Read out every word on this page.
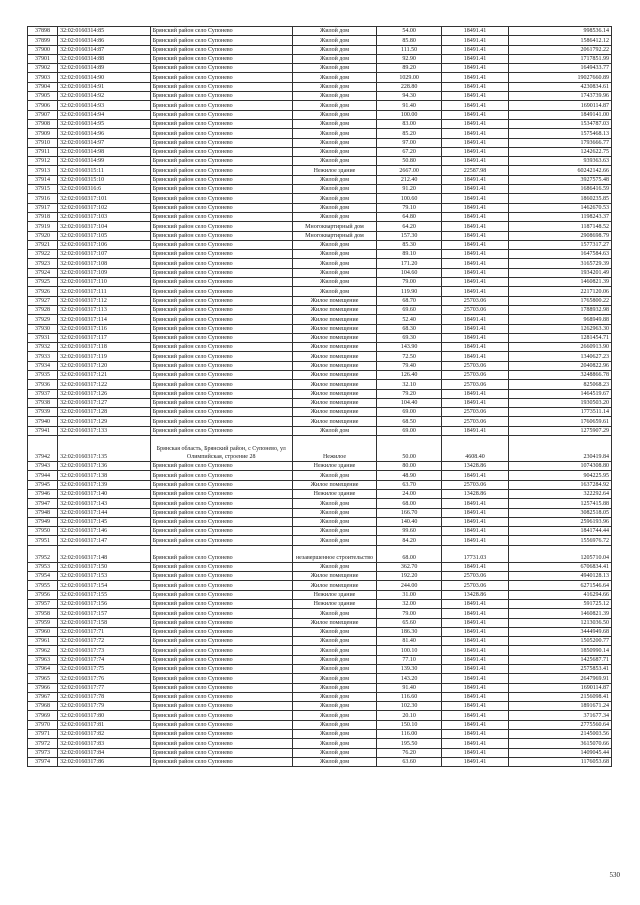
37898	32:02:0160314:85	Брянский район село Супонево	Жилой дом	54.00	18491.41	998536.14
37899	32:02:0160314:86	Брянский район село Супонево	Жилой дом	85.80	18491.41	1586412.12
37900	32:02:0160314:87	Брянский район село Супонево	Жилой дом	111.50	18491.41	2061792.22
37901	32:02:0160314:88	Брянский район село Супонево	Жилой дом	92.90	18491.41	1717851.99
37902	32:02:0160314:89	Брянский район село Супонево	Жилой дом	89.20	18491.41	1649433.77
37903	32:02:0160314:90	Брянский район село Супонево	Жилой дом	1029.00	18491.41	19027660.89
37904	32:02:0160314:91	Брянский район село Супонево	Жилой дом	228.80	18491.41	4230834.61
37905	32:02:0160314:92	Брянский район село Супонево	Жилой дом	94.30	18491.41	1743739.96
37906	32:02:0160314:93	Брянский район село Супонево	Жилой дом	91.40	18491.41	1690114.87
37907	32:02:0160314:94	Брянский район село Супонево	Жилой дом	100.00	18491.41	1849141.00
37908	32:02:0160314:95	Брянский район село Супонево	Жилой дом	83.00	18491.41	1534787.03
37909	32:02:0160314:96	Брянский район село Супонево	Жилой дом	85.20	18491.41	1575468.13
37910	32:02:0160314:97	Брянский район село Супонево	Жилой дом	97.00	18491.41	1793666.77
37911	32:02:0160314:98	Брянский район село Супонево	Жилой дом	67.20	18491.41	1242622.75
37912	32:02:0160314:99	Брянский район село Супонево	Жилой дом	50.80	18491.41	939363.63
37913	32:02:0160315:11	Брянский район село Супонево	Нежилое здание	2667.00	22587.98	60242142.66
37914	32:02:0160315:10	Брянский район село Супонево	Жилой дом	212.40	18491.41	3927575.48
37915	32:02:0160316:6	Брянский район село Супонево	Жилой дом	91.20	18491.41	1686416.59
37916	32:02:0160317:101	Брянский район село Супонево	Жилой дом	100.60	18491.41	1860235.85
37917	32:02:0160317:102	Брянский район село Супонево	Жилой дом	79.10	18491.41	1462670.53
37918	32:02:0160317:103	Брянский район село Супонево	Жилой дом	64.80	18491.41	1198243.37
37919	32:02:0160317:104	Брянский район село Супонево	Многоквартирный дом	64.20	18491.41	1187148.52
37920	32:02:0160317:105	Брянский район село Супонево	Многоквартирный дом	157.30	18491.41	2908698.79
37921	32:02:0160317:106	Брянский район село Супонево	Жилой дом	85.30	18491.41	1577317.27
37922	32:02:0160317:107	Брянский район село Супонево	Жилой дом	89.10	18491.41	1647584.63
37923	32:02:0160317:108	Брянский район село Супонево	Жилой дом	171.20	18491.41	3165729.39
37924	32:02:0160317:109	Брянский район село Супонево	Жилой дом	104.60	18491.41	1934201.49
37925	32:02:0160317:110	Брянский район село Супонево	Жилой дом	79.00	18491.41	1460821.39
37926	32:02:0160317:111	Брянский район село Супонево	Жилой дом	119.90	18491.41	2217120.06
37927	32:02:0160317:112	Брянский район село Супонево	Жилое помещение	68.70	25703.06	1765800.22
37928	32:02:0160317:113	Брянский район село Супонево	Жилое помещение	69.60	25703.06	1788932.98
37929	32:02:0160317:114	Брянский район село Супонево	Жилое помещение	52.40	18491.41	968949.88
37930	32:02:0160317:116	Брянский район село Супонево	Жилое помещение	68.30	18491.41	1262963.30
37931	32:02:0160317:117	Брянский район село Супонево	Жилое помещение	69.30	18491.41	1281454.71
37932	32:02:0160317:118	Брянский район село Супонево	Жилое помещение	143.90	18491.41	2660913.90
37933	32:02:0160317:119	Брянский район село Супонево	Жилое помещение	72.50	18491.41	1340627.23
37934	32:02:0160317:120	Брянский район село Супонево	Жилое помещение	79.40	25703.06	2040822.96
37935	32:02:0160317:121	Брянский район село Супонево	Жилое помещение	126.40	25703.06	3248866.78
37936	32:02:0160317:122	Брянский район село Супонево	Жилое помещение	32.10	25703.06	825068.23
37937	32:02:0160317:126	Брянский район село Супонево	Жилое помещение	79.20	18491.41	1464519.67
37938	32:02:0160317:127	Брянский район село Супонево	Жилое помещение	104.40	18491.41	1930503.20
37939	32:02:0160317:128	Брянский район село Супонево	Жилое помещение	69.00	25703.06	1773511.14
37940	32:02:0160317:129	Брянский район село Супонево	Жилое помещение	68.50	25703.06	1760659.61
37941	32:02:0160317:133	Брянский район село Супонево	Жилой дом	69.00	18491.41	1275907.29
37942	32:02:0160317:135	Брянская область, Брянский район, с Супонево, ул Олимпийская, строение 28	Нежилое	50.00	4608.40	230419.84
37943	32:02:0160317:136	Брянский район село Супонево	Нежилое здание	80.00	13428.86	1074308.80
37944	32:02:0160317:138	Брянский район село Супонево	Жилой дом	48.90	18491.41	904225.95
37945	32:02:0160317:139	Брянский район село Супонево	Жилое помещение	63.70	25703.06	1637284.92
37946	32:02:0160317:140	Брянский район село Супонево	Нежилое здание	24.00	13428.86	322292.64
37947	32:02:0160317:143	Брянский район село Супонево	Жилой дом	68.00	18491.41	1257415.88
37948	32:02:0160317:144	Брянский район село Супонево	Жилой дом	166.70	18491.41	3082518.05
37949	32:02:0160317:145	Брянский район село Супонево	Жилой дом	140.40	18491.41	2596193.96
37950	32:02:0160317:146	Брянский район село Супонево	Жилой дом	99.60	18491.41	1841744.44
37951	32:02:0160317:147	Брянский район село Супонево	Жилой дом	84.20	18491.41	1556976.72
37952	32:02:0160317:148	Брянский район село Супонево	незавершенное строительство	68.00	17731.03	1205710.04
37953	32:02:0160317:150	Брянский район село Супонево	Жилой дом	362.70	18491.41	6706834.41
37954	32:02:0160317:153	Брянский район село Супонево	Жилое помещение	192.20	25703.06	4940128.13
37955	32:02:0160317:154	Брянский район село Супонево	Жилое помещение	244.00	25703.06	6271546.64
37956	32:02:0160317:155	Брянский район село Супонево	Нежилое здание	31.00	13428.86	416294.66
37957	32:02:0160317:156	Брянский район село Супонево	Нежилое здание	32.00	18491.41	591725.12
37958	32:02:0160317:157	Брянский район село Супонево	Жилой дом	79.00	18491.41	1460821.39
37959	32:02:0160317:158	Брянский район село Супонево	Жилое помещение	65.60	18491.41	1213036.50
37960	32:02:0160317:71	Брянский район село Супонево	Жилой дом	186.30	18491.41	3444949.68
37961	32:02:0160317:72	Брянский район село Супонево	Жилой дом	81.40	18491.41	1505200.77
37962	32:02:0160317:73	Брянский район село Супонево	Жилой дом	100.10	18491.41	1850990.14
37963	32:02:0160317:74	Брянский район село Супонево	Жилой дом	77.10	18491.41	1425687.71
37964	32:02:0160317:75	Брянский район село Супонево	Жилой дом	139.30	18491.41	2575853.41
37965	32:02:0160317:76	Брянский район село Супонево	Жилой дом	143.20	18491.41	2647969.91
37966	32:02:0160317:77	Брянский район село Супонево	Жилой дом	91.40	18491.41	1690114.87
37967	32:02:0160317:78	Брянский район село Супонево	Жилой дом	116.60	18491.41	2156098.41
37968	32:02:0160317:79	Брянский район село Супонево	Жилой дом	102.30	18491.41	1891671.24
37969	32:02:0160317:80	Брянский район село Супонево	Жилой дом	20.10	18491.41	371677.34
37970	32:02:0160317:81	Брянский район село Супонево	Жилой дом	150.10	18491.41	2775560.64
37971	32:02:0160317:82	Брянский район село Супонево	Жилой дом	116.00	18491.41	2145003.56
37972	32:02:0160317:83	Брянский район село Супонево	Жилой дом	195.50	18491.41	3615070.66
37973	32:02:0160317:84	Брянский район село Супонево	Жилой дом	76.20	18491.41	1409045.44
37974	32:02:0160317:86	Брянский район село Супонево	Жилой дом	63.60	18491.41	1176053.68
530
